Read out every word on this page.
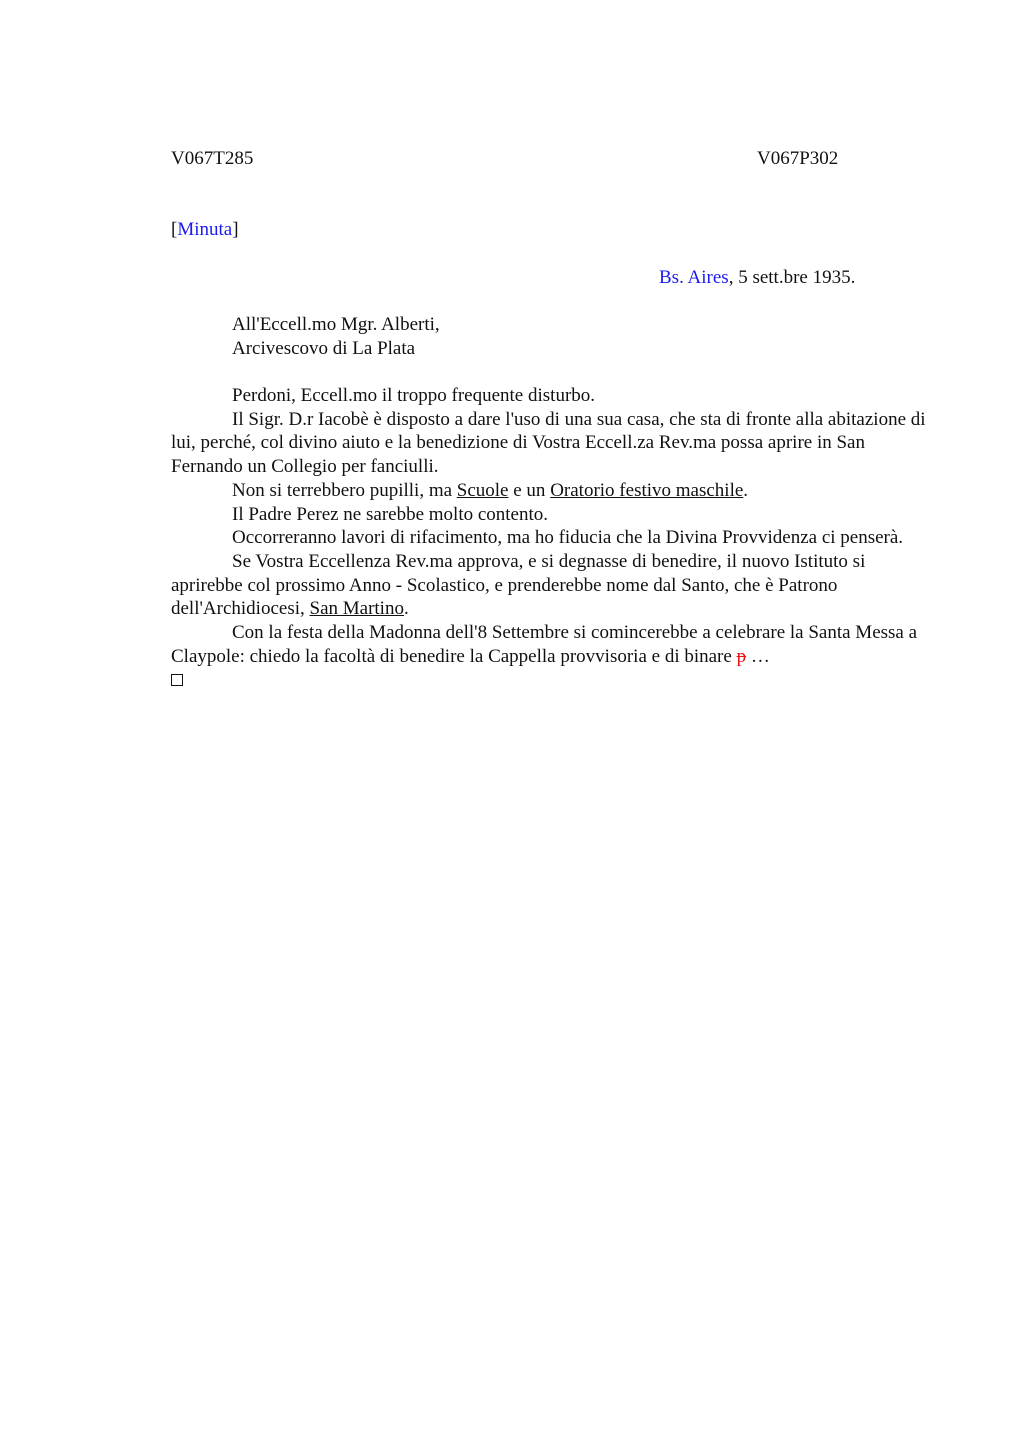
V067T285	V067P302
[Minuta]
Bs. Aires, 5 sett.bre 1935.
All'Eccell.mo Mgr. Alberti,
Arcivescovo di La Plata

Perdoni, Eccell.mo il troppo frequente disturbo.

Il Sigr. D.r Iacobè è disposto a dare l'uso di una sua casa, che sta di fronte alla abitazione di lui, perché, col divino aiuto e la benedizione di Vostra Eccell.za Rev.ma possa aprire in San Fernando un Collegio per fanciulli.

Non si terrebbero pupilli, ma Scuole e un Oratorio festivo maschile.

Il Padre Perez ne sarebbe molto contento.

Occorreranno lavori di rifacimento, ma ho fiducia che la Divina Provvidenza ci penserà.

Se Vostra Eccellenza Rev.ma approva, e si degnasse di benedire, il nuovo Istituto si aprirebbe col prossimo Anno - Scolastico, e prenderebbe nome dal Santo, che è Patrono dell'Archidiocesi, San Martino.

Con la festa della Madonna dell'8 Settembre si comincerebbe a celebrare la Santa Messa a Claypole: chiedo la facoltà di benedire la Cappella provvisoria e di binare p …
